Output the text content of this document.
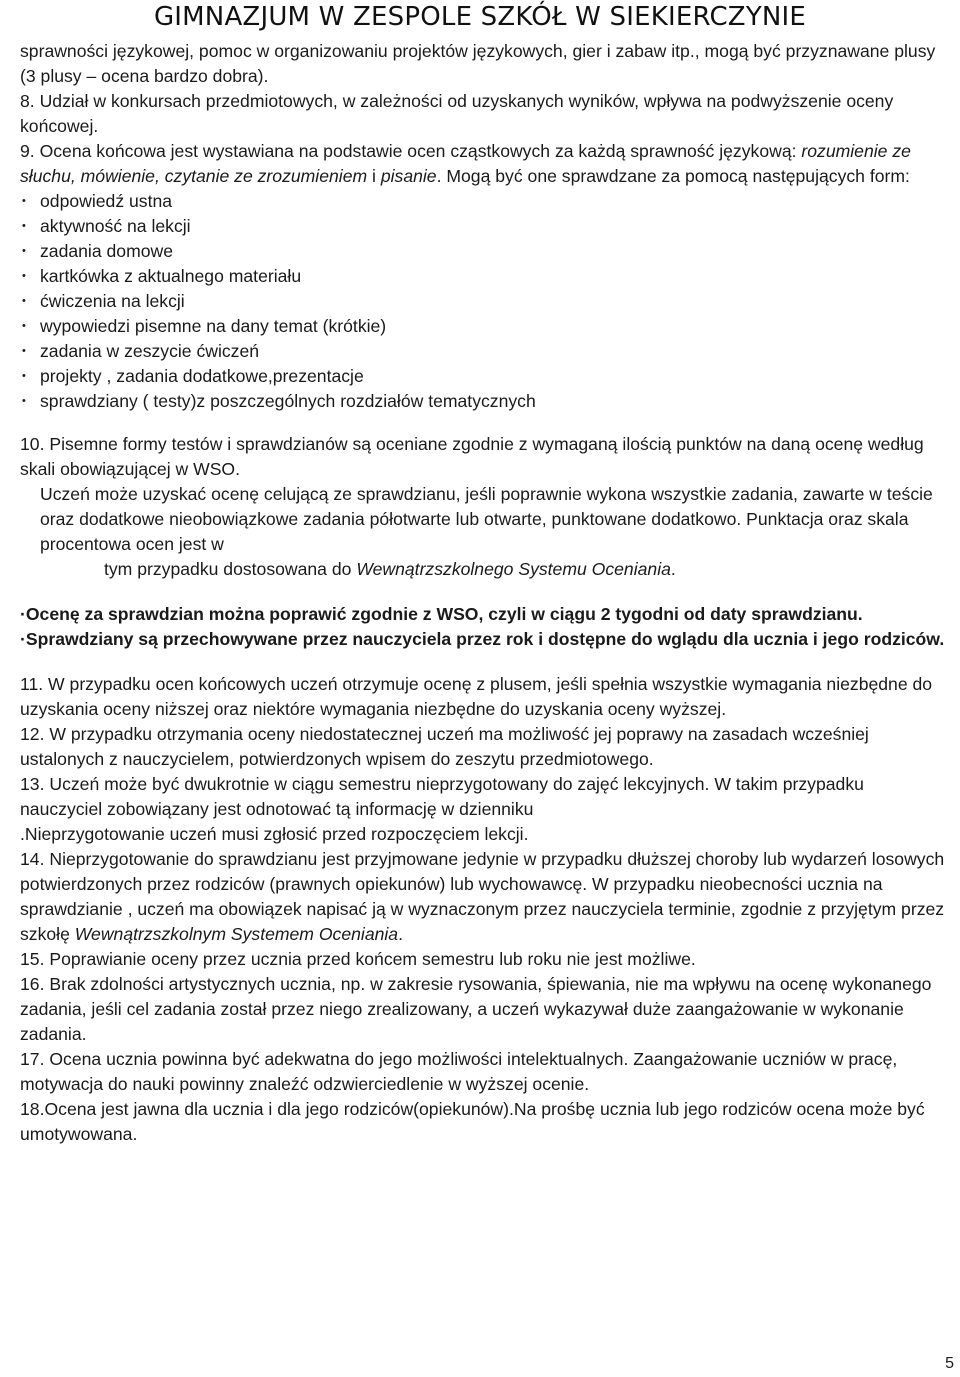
GIMNAZJUM W ZESPOLE SZKÓŁ W SIEKIERCZYNIE

sprawności językowej, pomoc w organizowaniu projektów językowych, gier i zabaw itp., mogą być przyznawane plusy (3 plusy – ocena bardzo dobra).

8. Udział w konkursach przedmiotowych, w zależności od uzyskanych wyników, wpływa na podwyższenie oceny końcowej.

9. Ocena końcowa jest wystawiana na podstawie ocen cząstkowych za każdą sprawność językową: rozumienie ze słuchu, mówienie, czytanie ze zrozumieniem i pisanie. Mogą być one sprawdzane za pomocą następujących form:

• odpowiedź ustna
• aktywność na lekcji
• zadania domowe
• kartkówka z aktualnego materiału
• ćwiczenia na lekcji
• wypowiedzi pisemne na dany temat (krótkie)
• zadania w zeszycie ćwiczeń
• projekty , zadania dodatkowe,prezentacje
• sprawdziany ( testy)z poszczególnych rozdziałów tematycznych

10. Pisemne formy testów i sprawdzianów są oceniane zgodnie z wymaganą ilością punktów na daną ocenę według skali obowiązującej w WSO.

Uczeń może uzyskać ocenę celującą ze sprawdzianu, jeśli poprawnie wykona wszystkie zadania, zawarte w teście oraz dodatkowe nieobowiązkowe zadania półotwarte lub otwarte, punktowane dodatkowo. Punktacja oraz skala procentowa ocen jest w

tym przypadku dostosowana do Wewnątrzszkolnego Systemu Oceniania.

·Ocenę za sprawdzian można poprawić zgodnie z WSO, czyli w ciągu 2 tygodni od daty sprawdzianu.

·Sprawdziany są przechowywane przez nauczyciela przez rok i dostępne do wglądu dla ucznia i jego rodziców.

11. W przypadku ocen końcowych uczeń otrzymuje ocenę z plusem, jeśli spełnia wszystkie wymagania niezbędne do uzyskania oceny niższej oraz niektóre wymagania niezbędne do uzyskania oceny wyższej.

12. W przypadku otrzymania oceny niedostatecznej uczeń ma możliwość jej poprawy na zasadach wcześniej ustalonych z nauczycielem, potwierdzonych wpisem do zeszytu przedmiotowego.

13. Uczeń może być dwukrotnie w ciągu semestru nieprzygotowany do zajęć lekcyjnych. W takim przypadku nauczyciel zobowiązany jest odnotować tą informację w dzienniku

.Nieprzygotowanie uczeń musi zgłosić przed rozpoczęciem lekcji.

14. Nieprzygotowanie do sprawdzianu jest przyjmowane jedynie w przypadku dłuższej choroby lub wydarzeń losowych potwierdzonych przez rodziców (prawnych opiekunów) lub wychowawcę. W przypadku nieobecności ucznia na sprawdzianie , uczeń ma obowiązek napisać ją w wyznaczonym przez nauczyciela terminie, zgodnie z przyjętym przez szkołę Wewnątrzszkolnym Systemem Oceniania.

15. Poprawianie oceny przez ucznia przed końcem semestru lub roku nie jest możliwe.

16. Brak zdolności artystycznych ucznia, np. w zakresie rysowania, śpiewania, nie ma wpływu na ocenę wykonanego zadania, jeśli cel zadania został przez niego zrealizowany, a uczeń wykazywał duże zaangażowanie w wykonanie zadania.

17. Ocena ucznia powinna być adekwatna do jego możliwości intelektualnych. Zaangażowanie uczniów w pracę, motywacja do nauki powinny znaleźć odzwierciedlenie w wyższej ocenie.

18.Ocena jest jawna dla ucznia i dla jego rodziców(opiekunów).Na prośbę ucznia lub jego rodziców ocena może być umotywowana.

5
